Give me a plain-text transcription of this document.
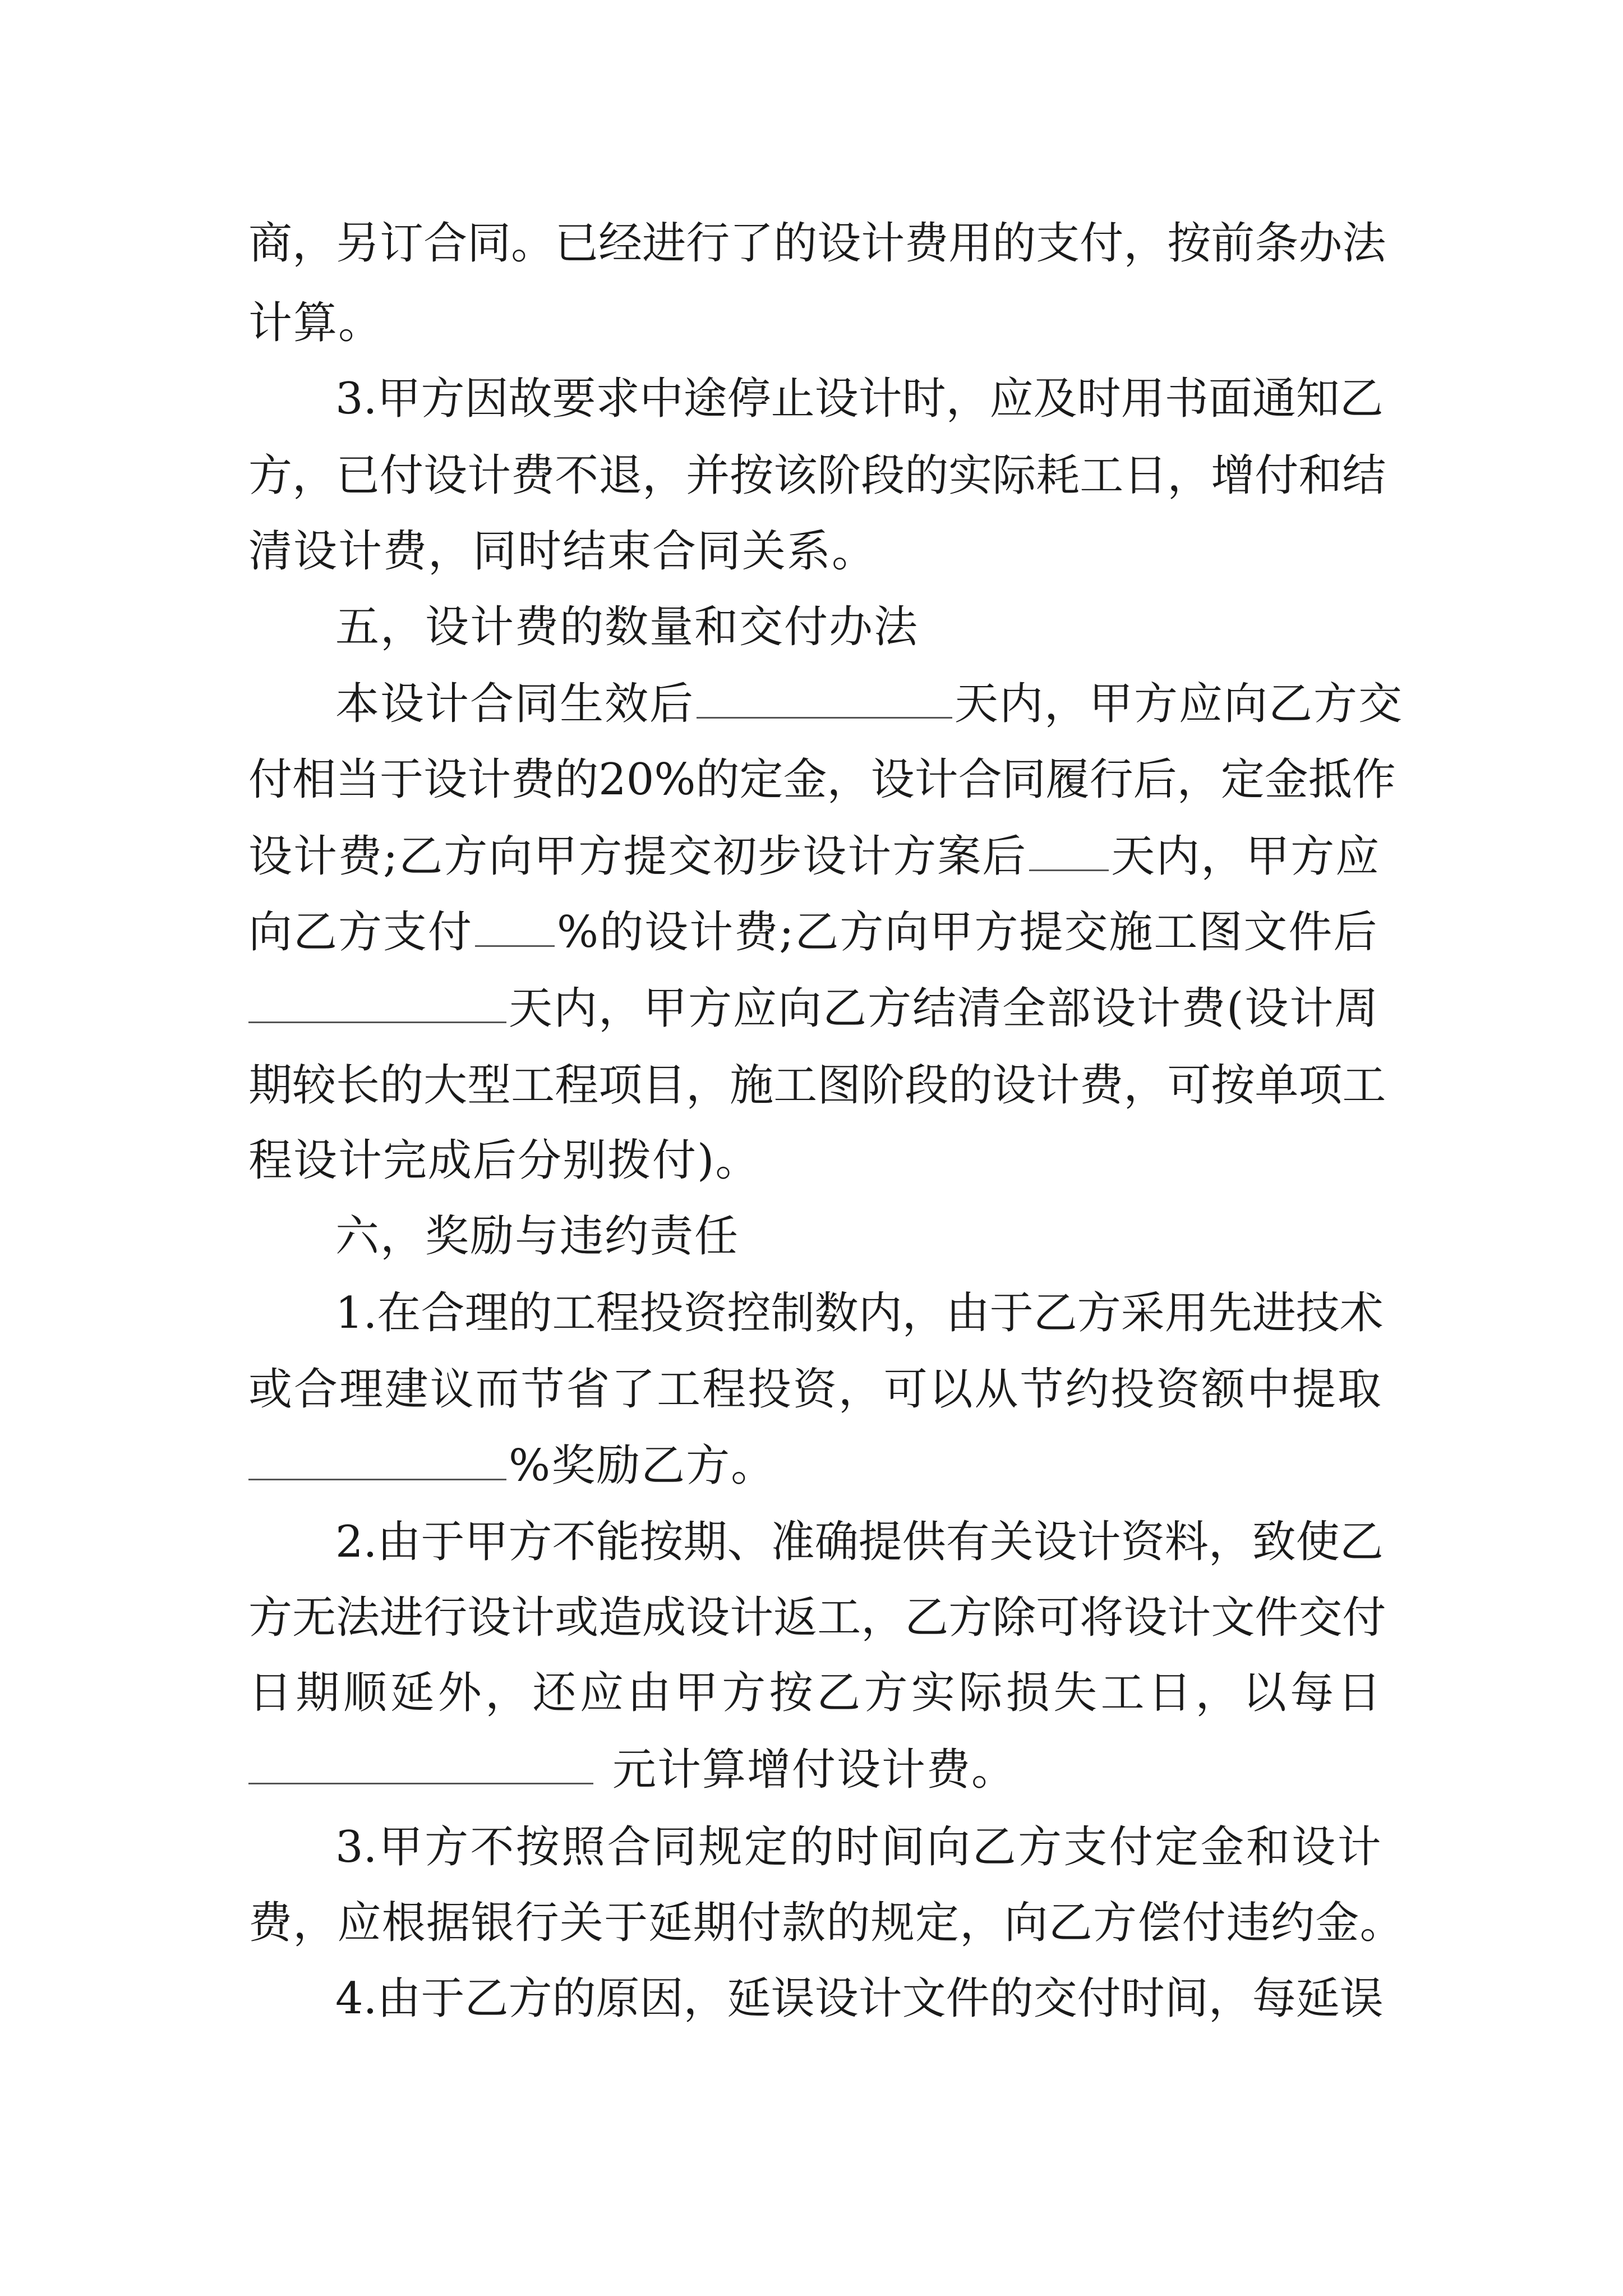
商 ， 另 订 合 同 。 已 经 进 行 了 的 设 计 费 用 的 支 付 ， 按 前 条 办 法
计算。
3. 甲 方 因 故 要 求 中 途 停 止 设 计 时 ， 应 及 时 用 书 面 通 知 乙
方 ， 已 付 设 计 费 不 退 ， 并 按 该 阶 段 的 实 际 耗 工 日 ， 增 付 和 结
清设计费，同时结束合同关系。
五，设计费的数量和交付办法
本设计合同生效后	天内，甲方应向乙方交
付 相 当 于 设 计 费 的 20% 的 定 金 ， 设 计 合 同 履 行 后 ， 定 金 抵 作
设计费;乙方向甲方提交初步设计方案后 天内，甲方应
向乙方支付 %的设计费;乙方向甲方提交施工图文件后
天内，甲方应向乙方结清全部设计费(设计周
期 较 长 的 大 型 工 程 项 目 ， 施 工 图 阶 段 的 设 计 费 ， 可 按 单 项 工
程设计完成后分别拨付)。
六，奖励与违约责任
1. 在 合 理 的 工 程 投 资 控 制 数 内 ， 由 于 乙 方 采 用 先 进 技 术
或 合 理 建 议 而 节 省 了 工 程 投 资 ， 可 以 从 节 约 投 资 额 中 提 取
%奖励乙方。
2. 由 于 甲 方 不 能 按 期 、 准 确 提 供 有 关 设 计 资 料 ， 致 使 乙
方 无 法 进 行 设 计 或 造 成 设 计 返 工 ， 乙 方 除 可 将 设 计 文 件 交 付
日 期 顺 延 外 ， 还 应 由 甲 方 按 乙 方 实 际 损 失 工 日 ， 以 每 日
元计算增付设计费。
3. 甲 方 不 按 照 合 同 规 定 的 时 间 向 乙 方 支 付 定 金 和 设 计
费 ， 应 根 据 银 行 关 于 延 期 付 款 的 规 定 ， 向 乙 方 偿 付 违 约 金 。
4. 由 于 乙 方 的 原 因 ， 延 误 设 计 文 件 的 交 付 时 间 ， 每 延 误
